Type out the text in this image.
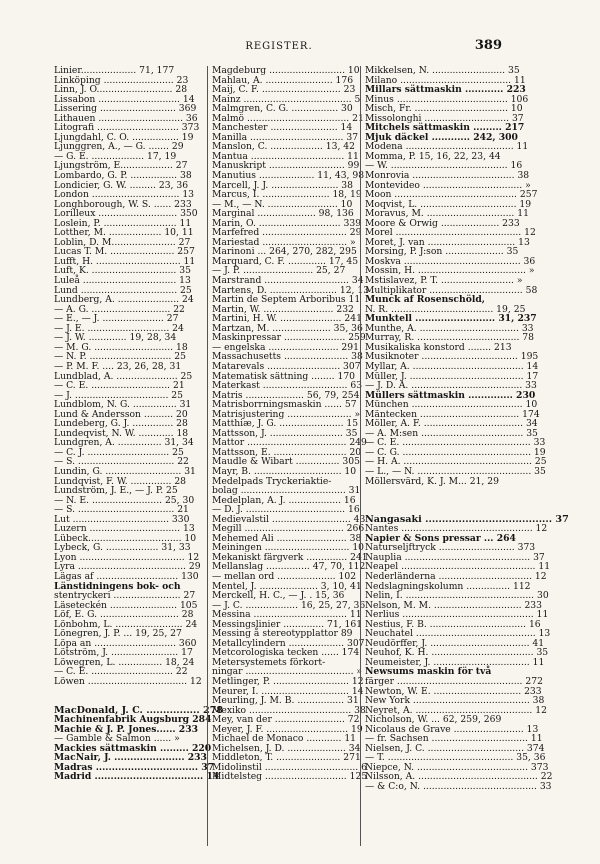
REGISTER.	389
Linier................... 71, 177
Linköping ........................ 23
Linn, J. O.......................... 28
Lissabon ............................ 14
Lissering .......................... 369
Lithauen ............................. 36
Litografi ............................ 373
Ljungdahl, C. O. ................ 19
Ljunggren, A., — G. ....... 29
— G. E. .................. 17, 19
Ljungström, E.................. 27
Lombardo, G. P. ................ 38
Londicier, G. W. ......... 23, 36
London .............................. 13
Longhborough, W. S. ...... 233
Lorilleux ........................... 350
Loslein, P. ......................... 11
Lotther, M. .................. 10, 11
Loblin, D. M...................... 27
Lucas T. M. ...................... 257
Lufft, H. ............................. 11
Luft, K. ............................. 35
Luleå ................................ 13
Lund ................................. 25
Lundberg, A. ..................... 24
— A. G. ........................... 22
— E., — J. ..................... 27
— J. E. ............................ 24
— J. W. ............. 19, 28, 34
— M. G. ........................... 18
— N. P. ............................ 25
— P. M. F. .... 23, 26, 28, 31
Lundblad, A. ..................... 25
— C. E. ........................... 21
— J. ................................ 25
Lundblom, N. G. ............... 31
Lund & Andersson .......... 20
Lundeberg, G. J. .............. 28
Lundeqvist, N. W. ............ 18
Lundgren, A. ............... 31, 34
— C. J. ............................ 25
— S. ................................. 22
Lundin, G. .......................... 31
Lundqvist, F. W. .............. 28
Lundström, J. E., — J. P. 25
— N. E. ........................ 25, 30
— S. ................................. 21
Lut ................................. 330
Luzern ............................... 13
Lübeck................................ 10
Lybeck, G. .................. 31, 33
Lyon .................................... 12
Lyra ..................................... 29
Lägas af ............................ 130
Länstidningens bok- och
stentryckeri ....................... 27
Läseteckén ....................... 105
Löf, E. G. ........................... 28
Lönbohm, L. ....................... 24
Lönegren, J. P. ... 19, 25, 27
Löpa an ............................ 360
Lötström, J. ....................... 17
Löwegren, L. ............... 18, 24
— C. E. ............................ 22
Löwen .................................. 12
MacDonald, J. C. ................ 278
Machinenfabrik Augsburg 284
Machie & J. P. Jones...... 233
— Gamble & Salmon ...... »
Mackies sättmaskin ......... 220
MacNair, J. ...................... 233
Madras ................................ 37
Madrid .................................. 14
Magdeburg .......................... 10
Mahlau, A. ....................... 176
Maij, C. F. ........................... 23
Mainz ..................................... 5
Malmgren, C. G. ................ 30
Malmö ................................... 21
Manchester ....................... 14
Manilla ................................ 37
Manslon, C. .................. 13, 42
Mantua ................................ 11
Manuskript .......................... 99
Manutius ................... 11, 43, 98
Marcell, J. J. ....................... 38
Marcus, I. ....................... 18, 19
— M., — N. ........................ 10
Marginal .................... 98, 136
Marin, O. ............................ 339
Marfefred ............................. 29
Mariestad ............................. »
Marinoni ... 264, 270, 282, 295
Marquard, C. F. ............. 17, 45
— J. P. ........................ 25, 27
Marstrand ............................. 34
Martens, D. ....................... 12, 13
Martin de Septem Arboribus 11
Martin, W. ........................ 232
Martini, H. W. ..................... 241
Martzan, M. .................... 35, 36
Maskinpressar ..................... 259
— engelska ........................ 291
Massachusetts ...................... 38
Matarevals ......................... 307
Matematisk sättning ........ 170
Materkast ............................. 63
Matris .................... 56, 79, 254
Matrisborrningsmaskin ...... 57
Matrisjustering ...................... »
Matthiæ, J. G. ...................... 15
Mattsson, J. ......................... 35
Mattor .................................. 249
Mattsson, E. ......................... 20
Maudle & Wibart ............... 305
Mayr, B. .............................. 10
Medelpads Tryckeriaktie-
bolag .................................... 31
Medelplan, A. J. .................. 16
— D. J. .................................. 16
Medievalstil ........................... 43
Megill .................................. 266
Mehemed Ali ........................ 38
Meiningen ............................. 10
Mekaniskt färgverk .............. 241
Mellanslag ............... 47, 70, 112
— mellan ord .................... 102
Mentel, J. .................... 3, 10, 41
Merckell, H. C., — J. . 15, 36
— J. C. .................. 16, 25, 27, 36
Messina ................................ 11
Messingslinier .............. 71, 161
Messing å stereotypplattor 89
Metallcylindern ................... 307
Metcorologiska tecken ...... 174
Metersystemets förkort-
ningar ..................................... »
Metlinger, P. .......................... 12
Meurer, I. .............................. 14
Meurling, J. M. B. ................ 31
Mexiko ................................... 38
Mey, van der ........................ 72
Meyer, J. F. ............................ 19
Michael de Monaco ............ 11
Michelsen, J. D. .................... 34
Middleton, T. ...................... 271
Midolinstil ................................ 6
Midtelsteg ............................ 125
Mikkelsen, N. ......................... 35
Milano ...................................... 11
Millars sättmaskin ............ 223
Minus ...................................... 106
Misch, Fr. ................................ 10
Missolonghi ............................. 37
Mitchels sättmaskin ......... 217
Mjuk däckel ............ 242, 300
Modena ..................................... 11
Momma, P. 15, 16, 22, 23, 44
— W. ........................................ 16
Monrovia ................................... 38
Montevideo .................................. »
Moon .......................................... 257
Moqvist, L. ................................. 19
Moravus, M. .............................. 11
Moore & Orwig .................... 233
Morel ........................................... 12
Moret, J. van .............................. 13
Morsing, P. J:son .................... 35
Moskva ........................................ 36
Mossin, H. ..................................... »
Mstislavez, P. T. ......................... »
Multiplikator ................................ 58
Munck af Rosenschöld,
N. R. ................................... 19, 25
Munktell ......................... 31, 237
Munthe, A. .................................. 33
Murray, R. ................................... 78
Musikaliska konstord ........ 213
Musiknoter ................................. 195
Myllar, A. ...................................... 14
Müller, J. ....................................... 17
— J. D. A. ...................................... 33
Müllers sättmaskin .............. 230
München ...................................... 10
Mäntecken .................................. 174
Möller, A. F. .................................. 34
— A. M:sen ................................... 35
— C. E. ............................................ 33
— C. G. ............................................ 19
— H. A. ............................................ 25
— L., — N. ....................................... 35
Möllersvärd, K. J. M... 21, 29
Nangasaki ...................................... 37
Nantes ............................................. 12
Napier & Sons pressar ... 264
Naturseljftryck .......................... 373
Nauplia ........................................... 37
Neapel .............................................. 11
Nederländerna ................................ 12
Nedslagningskolumn ............... 112
Nelin, I. ............................................ 30
Nelson, M. M. .............................. 233
Nerlius ............................................. 11
Nestius, F. B. ................................. 16
Neuchatel ......................................... 13
Neudörffer, J. .................................. 41
Neuhof, K. H. ................................... 35
Neumeister, J. ................................. 11
Newsums maskin för två
färger ........................................... 272
Newton, W. E. .............................. 233
New York ........................................ 38
Neyret, A. ........................................ 12
Nicholson, W. ... 62, 259, 269
Nicolaus de Grave ........................ 13
— fr. Sachsen ................................. 11
Nielsen, J. C. ................................. 374
— T. ........................................... 35, 36
Niepce, N. ...................................... 373
Nilsson, A. ......................................... 22
— & C:o, N. ....................................... 33
